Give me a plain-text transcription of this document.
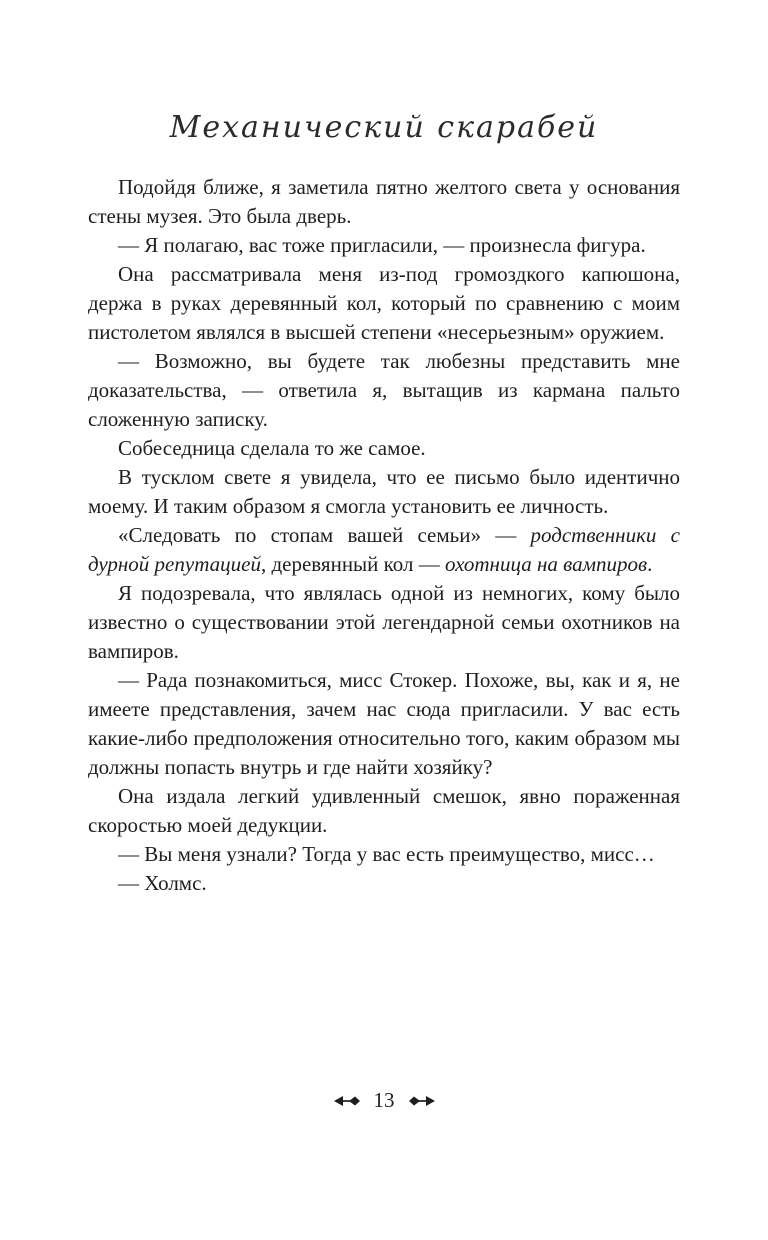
Механический скарабей

Подойдя ближе, я заметила пятно желтого света у основания стены музея. Это была дверь.

— Я полагаю, вас тоже пригласили, — произнесла фигура.

Она рассматривала меня из-под громоздкого капюшона, держа в руках деревянный кол, который по сравнению с моим пистолетом являлся в высшей степени «несерьезным» оружием.

— Возможно, вы будете так любезны представить мне доказательства, — ответила я, вытащив из кармана пальто сложенную записку.

Собеседница сделала то же самое.

В тусклом свете я увидела, что ее письмо было идентично моему. И таким образом я смогла установить ее личность.

«Следовать по стопам вашей семьи» — родственники с дурной репутацией, деревянный кол — охотница на вампиров.

Я подозревала, что являлась одной из немногих, кому было известно о существовании этой легендарной семьи охотников на вампиров.

— Рада познакомиться, мисс Стокер. Похоже, вы, как и я, не имеете представления, зачем нас сюда пригласили. У вас есть какие-либо предположения относительно того, каким образом мы должны попасть внутрь и где найти хозяйку?

Она издала легкий удивленный смешок, явно пораженная скоростью моей дедукции.

— Вы меня узнали? Тогда у вас есть преимущество, мисс…

— Холмс.

13
